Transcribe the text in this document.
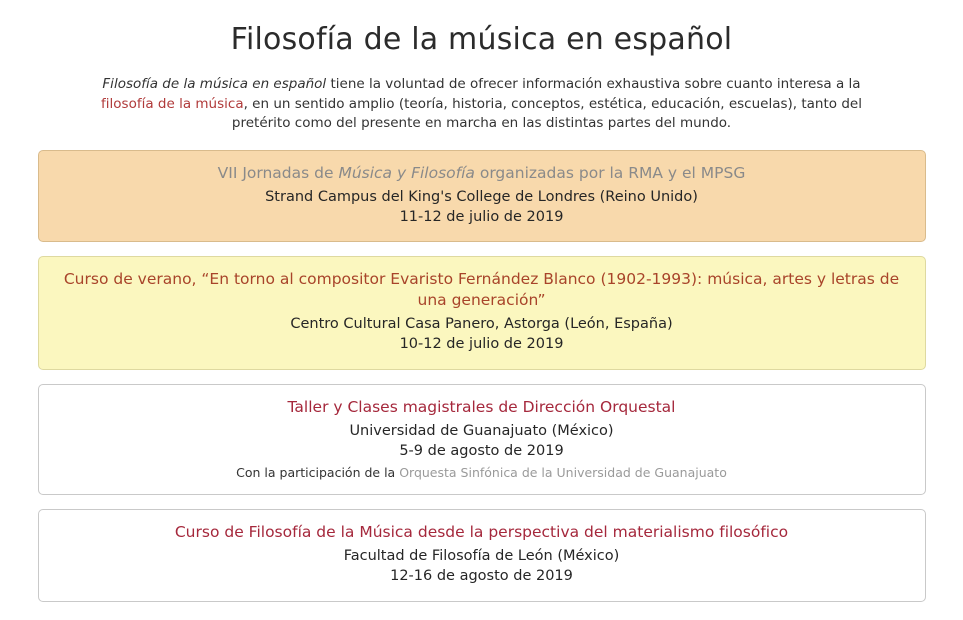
Filosofía de la música en español

Filosofía de la música en español tiene la voluntad de ofrecer información exhaustiva sobre cuanto interesa a la filosofía de la música, en un sentido amplio (teoría, historia, conceptos, estética, educación, escuelas), tanto del pretérito como del presente en marcha en las distintas partes del mundo.

VII Jornadas de Música y Filosofía organizadas por la RMA y el MPSG
Strand Campus del King's College de Londres (Reino Unido)
11-12 de julio de 2019
Curso de verano, “En torno al compositor Evaristo Fernández Blanco (1902-1993): música, artes y letras de una generación”
Centro Cultural Casa Panero, Astorga (León, España)
10-12 de julio de 2019
Taller y Clases magistrales de Dirección Orquestal
Universidad de Guanajuato (México)
5-9 de agosto de 2019
Con la participación de la Orquesta Sinfónica de la Universidad de Guanajuato
Curso de Filosofía de la Música desde la perspectiva del materialismo filosófico
Facultad de Filosofía de León (México)
12-16 de agosto de 2019
